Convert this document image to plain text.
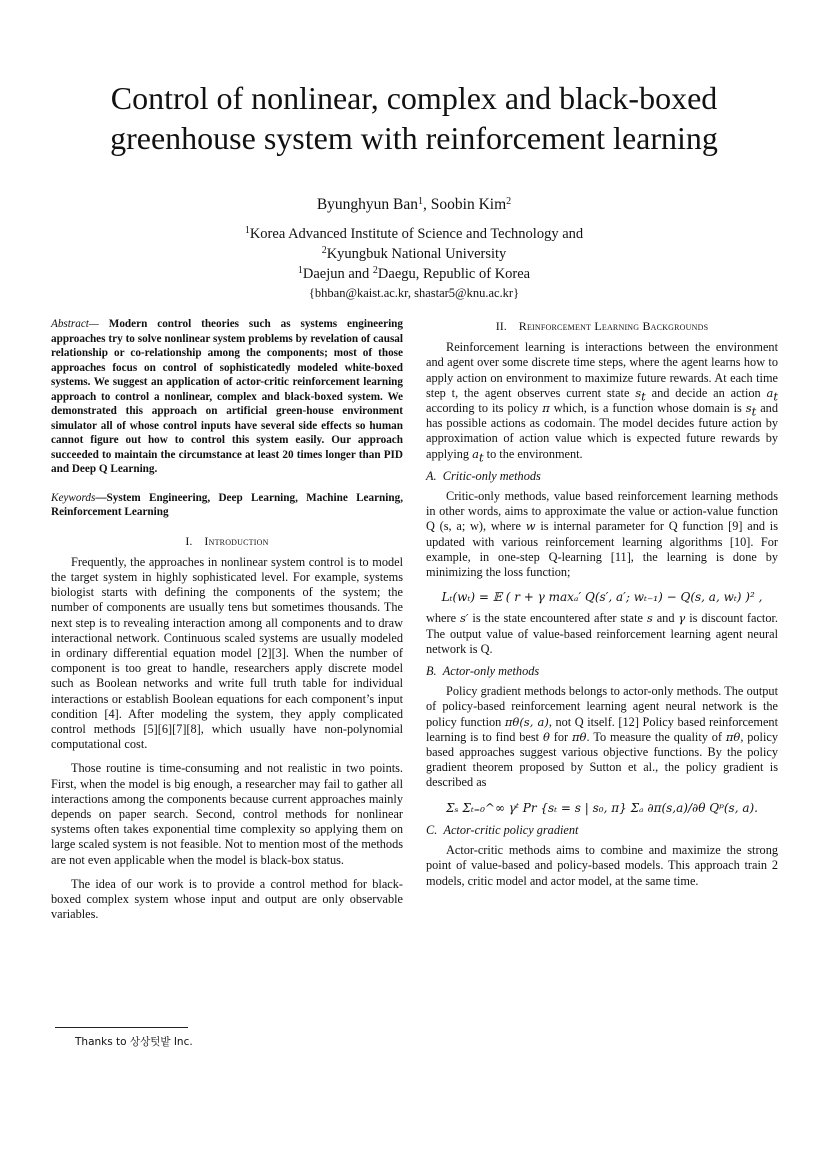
Control of nonlinear, complex and black-boxed
greenhouse system with reinforcement learning
Byunghyun Ban$^1$, Soobin Kim$^2$
$^1$Korea Advanced Institute of Science and Technology and
$^2$Kyungbuk National University
$^1$Daejun and $^2$Daegu, Republic of Korea
{bhban@kaist.ac.kr, shastar5@knu.ac.kr}

Abstract— Modern control theories such as systems engineering approaches try to solve nonlinear system problems by revelation of causal relationship or co-relationship among the components; most of those approaches focus on control of sophisticatedly modeled white-boxed systems. We suggest an application of actor-critic reinforcement learning approach to control a nonlinear, complex and black-boxed system. We demonstrated this approach on artificial green-house environment simulator all of whose control inputs have several side effects so human cannot figure out how to control this system easily. Our approach succeeded to maintain the circumstance at least 20 times longer than PID and Deep Q Learning.

Keywords—System Engineering, Deep Learning, Machine Learning, Reinforcement Learning

I. Introduction

Frequently, the approaches in nonlinear system control is to model the target system in highly sophisticated level. For example, systems biologist starts with defining the components of the system; the number of components are usually tens but sometimes thousands. The next step is to revealing interaction among all components and to draw interactional network. Continuous scaled systems are usually modeled in ordinary differential equation model [2][3]. When the number of component is too great to handle, researchers apply discrete model such as Boolean networks and write full truth table for individual interactions or establish Boolean equations for each component’s input condition [4]. After modeling the system, they apply complicated control methods [5][6][7][8], which usually have non-polynomial computational cost.

Those routine is time-consuming and not realistic in two points. First, when the model is big enough, a researcher may fail to gather all interactions among the components because current approaches mainly depends on paper search. Second, control methods for nonlinear systems often takes exponential time complexity so applying them on large scaled system is not feasible. Not to mention most of the methods are not even applicable when the model is black-box status.

The idea of our work is to provide a control method for black-boxed complex system whose input and output are only observable variables.

II. Reinforcement Learning Backgrounds

Reinforcement learning is interactions between the environment and agent over some discrete time steps, where the agent learns how to apply action on environment to maximize future rewards. At each time step t, the agent observes current state $s_t$ and decide an action $a_t$ according to its policy π which, is a function whose domain is $s_t$ and has possible actions as codomain. The model decides future action by approximation of action value which is expected future rewards by applying $a_t$ to the environment.

A. Critic-only methods

Critic-only methods, value based reinforcement learning methods in other words, aims to approximate the value or action-value function Q (s, a; w), where w is internal parameter for Q function [9] and is updated with various reinforcement learning algorithms [10]. For example, in one-step Q-learning [11], the learning is done by minimizing the loss function;

Lₜ(wₜ) = 𝔼 ( r + γ maxₐ′ Q(s′, a′; wₜ₋₁) − Q(s, a, wₜ) )² ,

where s′ is the state encountered after state s and γ is discount factor. The output value of value-based reinforcement learning agent neural network is Q.

B. Actor-only methods

Policy gradient methods belongs to actor-only methods. The output of policy-based reinforcement learning agent neural network is the policy function πθ(s, a), not Q itself. [12] Policy based reinforcement learning is to find best θ for πθ. To measure the quality of πθ, policy based approaches suggest various objective functions. By the policy gradient theorem proposed by Sutton et al., the policy gradient is described as

Σₛ Σₜ₌₀^∞ γᵗ Pr {sₜ = s | s₀, π} Σₐ ∂π(s,a)/∂θ Qᵖ(s, a).

C. Actor-critic policy gradient

Actor-critic methods aims to combine and maximize the strong point of value-based and policy-based models. This approach train 2 models, critic model and actor model, at the same time.

Thanks to 상상텃밭 Inc.
